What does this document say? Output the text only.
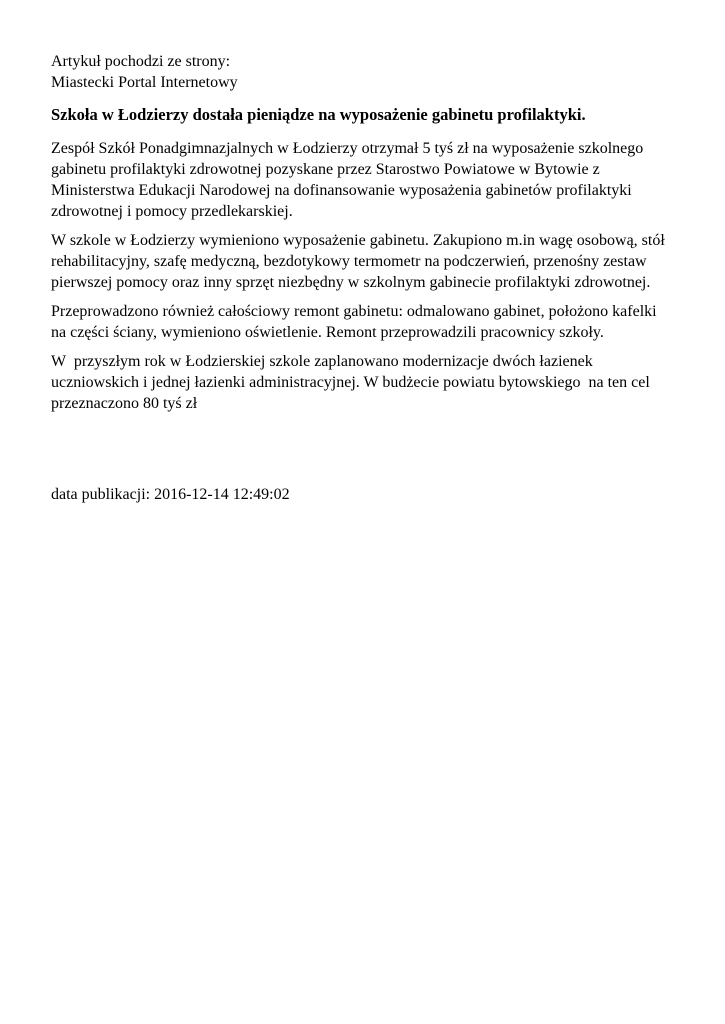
Artykuł pochodzi ze strony:

Miastecki Portal Internetowy

Szkoła w Łodzierzy dostała pieniądze na wyposażenie gabinetu profilaktyki.

Zespół Szkół Ponadgimnazjalnych w Łodzierzy otrzymał 5 tyś zł na wyposażenie szkolnego gabinetu profilaktyki zdrowotnej pozyskane przez Starostwo Powiatowe w Bytowie z Ministerstwa Edukacji Narodowej na dofinansowanie wyposażenia gabinetów profilaktyki zdrowotnej i pomocy przedlekarskiej.

W szkole w Łodzierzy wymieniono wyposażenie gabinetu. Zakupiono m.in wagę osobową, stół rehabilitacyjny, szafę medyczną, bezdotykowy termometr na podczerwień, przenośny zestaw pierwszej pomocy oraz inny sprzęt niezbędny w szkolnym gabinecie profilaktyki zdrowotnej.

Przeprowadzono również całościowy remont gabinetu: odmalowano gabinet, położono kafelki na części ściany, wymieniono oświetlenie. Remont przeprowadzili pracownicy szkoły.

W  przyszłym rok w Łodzierskiej szkole zaplanowano modernizacje dwóch łazienek uczniowskich i jednej łazienki administracyjnej. W budżecie powiatu bytowskiego  na ten cel przeznaczono 80 tyś zł

data publikacji: 2016-12-14 12:49:02
